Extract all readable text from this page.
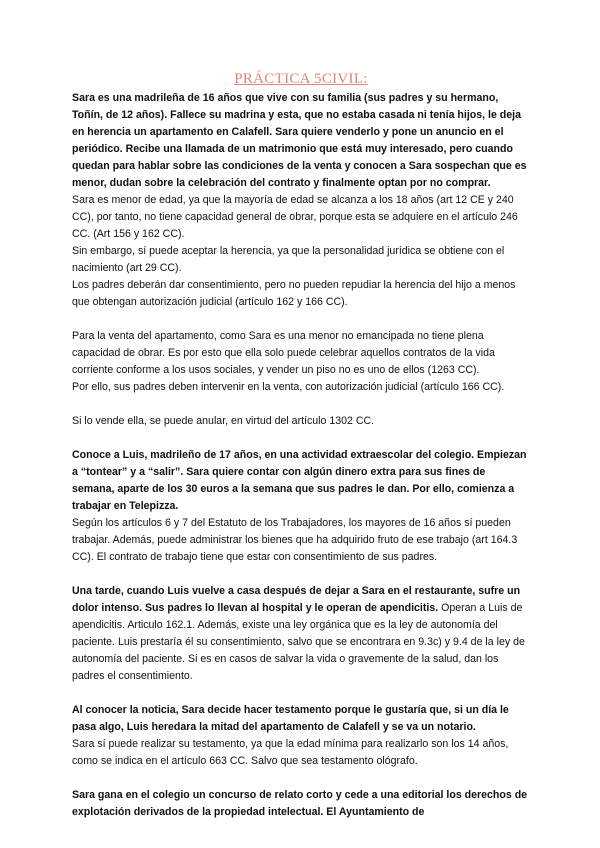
PRÁCTICA 5CIVIL:

Sara es una madrileña de 16 años que vive con su familia (sus padres y su hermano, Toñín, de 12 años). Fallece su madrina y esta, que no estaba casada ni tenía hijos, le deja en herencia un apartamento en Calafell. Sara quiere venderlo y pone un anuncio en el periódico. Recibe una llamada de un matrimonio que está muy interesado, pero cuando quedan para hablar sobre las condiciones de la venta y conocen a Sara sospechan que es menor, dudan sobre la celebración del contrato y finalmente optan por no comprar.

Sara es menor de edad, ya que la mayoría de edad se alcanza a los 18 años (art 12 CE y 240 CC), por tanto, no tiene capacidad general de obrar, porque esta se adquiere en el artículo 246 CC. (Art 156 y 162 CC).

Sin embargo, sí puede aceptar la herencia, ya que la personalidad jurídica se obtiene con el nacimiento (art 29 CC).

Los padres deberán dar consentimiento, pero no pueden repudiar la herencia del hijo a menos que obtengan autorización judicial (artículo 162 y 166 CC).

Para la venta del apartamento, como Sara es una menor no emancipada no tiene plena capacidad de obrar. Es por esto que ella solo puede celebrar aquellos contratos de la vida corriente conforme a los usos sociales, y vender un piso no es uno de ellos (1263 CC).

Por ello, sus padres deben intervenir en la venta, con autorización judicial (artículo 166 CC).

Si lo vende ella, se puede anular, en virtud del artículo 1302 CC.

Conoce a Luis, madrileño de 17 años, en una actividad extraescolar del colegio. Empiezan a “tontear” y a “salir”. Sara quiere contar con algún dinero extra para sus fines de semana, aparte de los 30 euros a la semana que sus padres le dan. Por ello, comienza a trabajar en Telepizza.

Según los artículos 6 y 7 del Estatuto de los Trabajadores, los mayores de 16 años sí pueden trabajar. Además, puede administrar los bienes que ha adquirido fruto de ese trabajo (art 164.3 CC). El contrato de trabajo tiene que estar con consentimiento de sus padres.

Una tarde, cuando Luis vuelve a casa después de dejar a Sara en el restaurante, sufre un dolor intenso. Sus padres lo llevan al hospital y le operan de apendicitis. Operan a Luis de apendicitis. Articulo 162.1. Además, existe una ley orgánica que es la ley de autonomía del paciente. Luis prestaría él su consentimiento, salvo que se encontrara en 9.3c) y 9.4 de la ley de autonomía del paciente. Si es en casos de salvar la vida o gravemente de la salud, dan los padres el consentimiento.

Al conocer la noticia, Sara decide hacer testamento porque le gustaría que, si un día le pasa algo, Luis heredara la mitad del apartamento de Calafell y se va un notario.

Sara sí puede realizar su testamento, ya que la edad mínima para realizarlo son los 14 años, como se indica en el artículo 663 CC. Salvo que sea testamento ológrafo.

Sara gana en el colegio un concurso de relato corto y cede a una editorial los derechos de explotación derivados de la propiedad intelectual. El Ayuntamiento de
